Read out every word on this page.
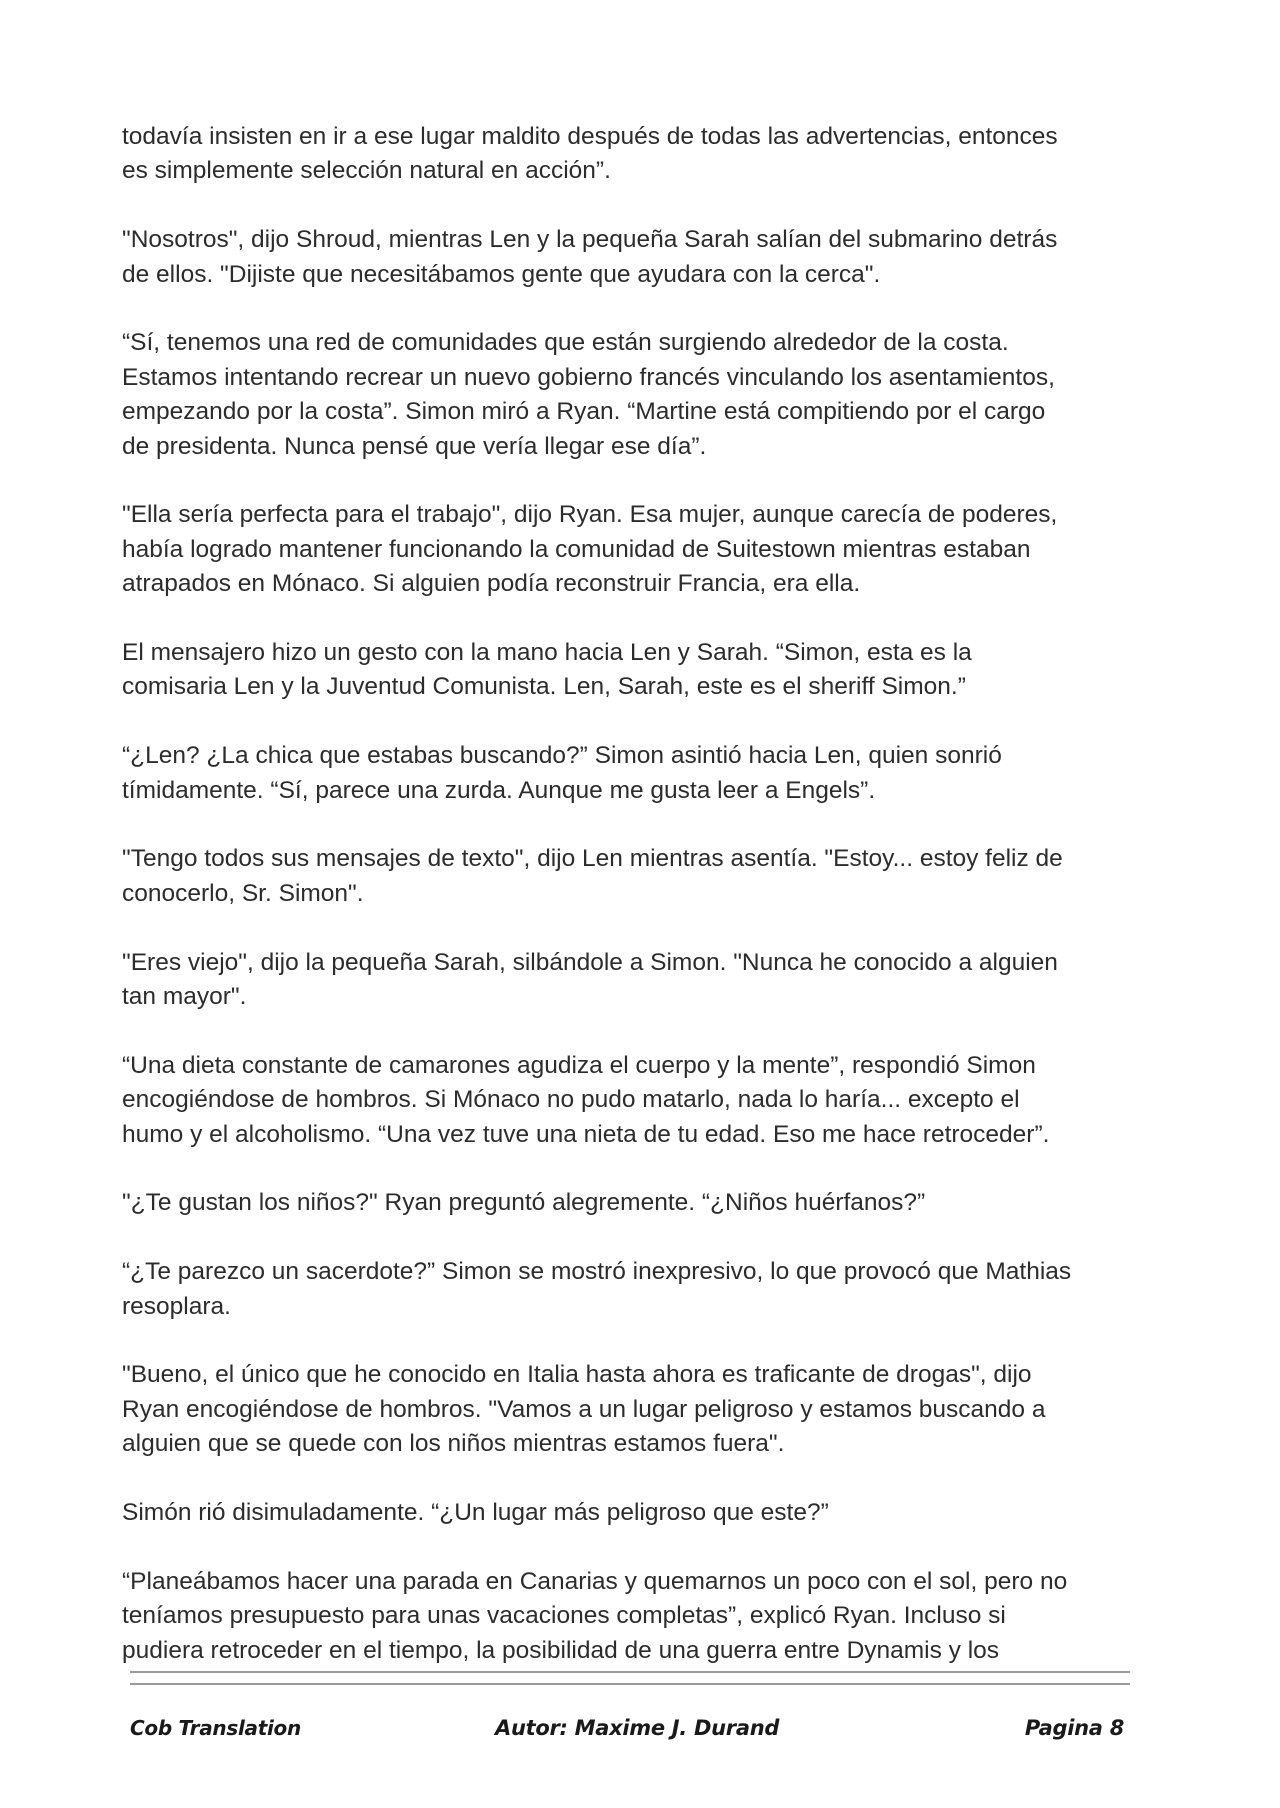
todavía insisten en ir a ese lugar maldito después de todas las advertencias, entonces
es simplemente selección natural en acción”.

"Nosotros", dijo Shroud, mientras Len y la pequeña Sarah salían del submarino detrás
de ellos. "Dijiste que necesitábamos gente que ayudara con la cerca".

“Sí, tenemos una red de comunidades que están surgiendo alrededor de la costa.
Estamos intentando recrear un nuevo gobierno francés vinculando los asentamientos,
empezando por la costa”. Simon miró a Ryan. “Martine está compitiendo por el cargo
de presidenta. Nunca pensé que vería llegar ese día”.

"Ella sería perfecta para el trabajo", dijo Ryan. Esa mujer, aunque carecía de poderes,
había logrado mantener funcionando la comunidad de Suitestown mientras estaban
atrapados en Mónaco. Si alguien podía reconstruir Francia, era ella.

El mensajero hizo un gesto con la mano hacia Len y Sarah. “Simon, esta es la
comisaria Len y la Juventud Comunista. Len, Sarah, este es el sheriff Simon.”

“¿Len? ¿La chica que estabas buscando?” Simon asintió hacia Len, quien sonrió
tímidamente. “Sí, parece una zurda. Aunque me gusta leer a Engels”.

"Tengo todos sus mensajes de texto", dijo Len mientras asentía. "Estoy... estoy feliz de
conocerlo, Sr. Simon".

"Eres viejo", dijo la pequeña Sarah, silbándole a Simon. "Nunca he conocido a alguien
tan mayor".

“Una dieta constante de camarones agudiza el cuerpo y la mente”, respondió Simon
encogiéndose de hombros. Si Mónaco no pudo matarlo, nada lo haría... excepto el
humo y el alcoholismo. “Una vez tuve una nieta de tu edad. Eso me hace retroceder”.

"¿Te gustan los niños?" Ryan preguntó alegremente. “¿Niños huérfanos?”

“¿Te parezco un sacerdote?” Simon se mostró inexpresivo, lo que provocó que Mathias
resoplara.

"Bueno, el único que he conocido en Italia hasta ahora es traficante de drogas", dijo
Ryan encogiéndose de hombros. "Vamos a un lugar peligroso y estamos buscando a
alguien que se quede con los niños mientras estamos fuera".

Simón rió disimuladamente. “¿Un lugar más peligroso que este?”

“Planeábamos hacer una parada en Canarias y quemarnos un poco con el sol, pero no
teníamos presupuesto para unas vacaciones completas”, explicó Ryan. Incluso si
pudiera retroceder en el tiempo, la posibilidad de una guerra entre Dynamis y los

Cob Translation	Autor: Maxime J. Durand	Pagina 8
